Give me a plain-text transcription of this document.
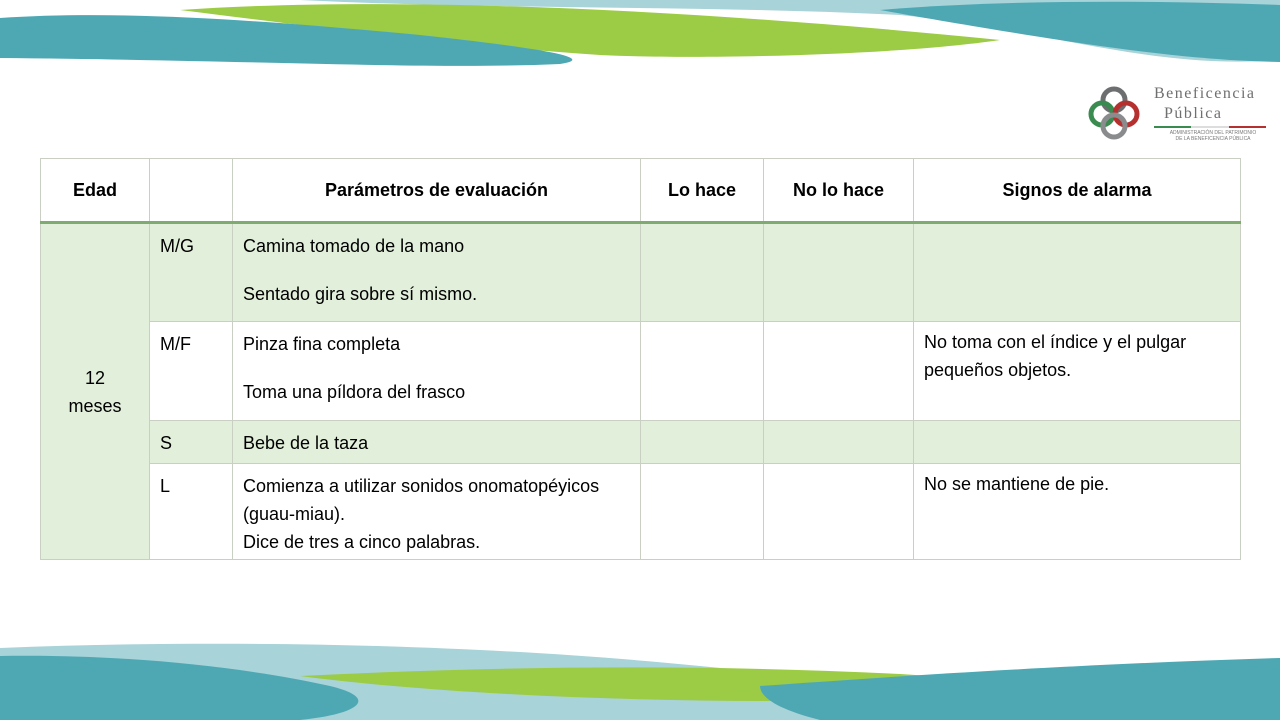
Beneficencia
Pública
ADMINISTRACIÓN DEL PATRIMONIO
DE LA BENEFICENCIA PÚBLICA
Edad		Parámetros de evaluación	Lo hace	No lo hace	Signos de alarma

12
meses	M/G	Camina tomado de la mano
Sentado gira sobre sí mismo.			

	M/F	Pinza fina completa
Toma una píldora del frasco			No toma con el índice y el pulgar pequeños objetos.
	S	Bebe de la taza			

	L	Comienza a utilizar sonidos onomatopéyicos (guau-miau).
Dice de tres a cinco palabras.			No se mantiene de pie.
